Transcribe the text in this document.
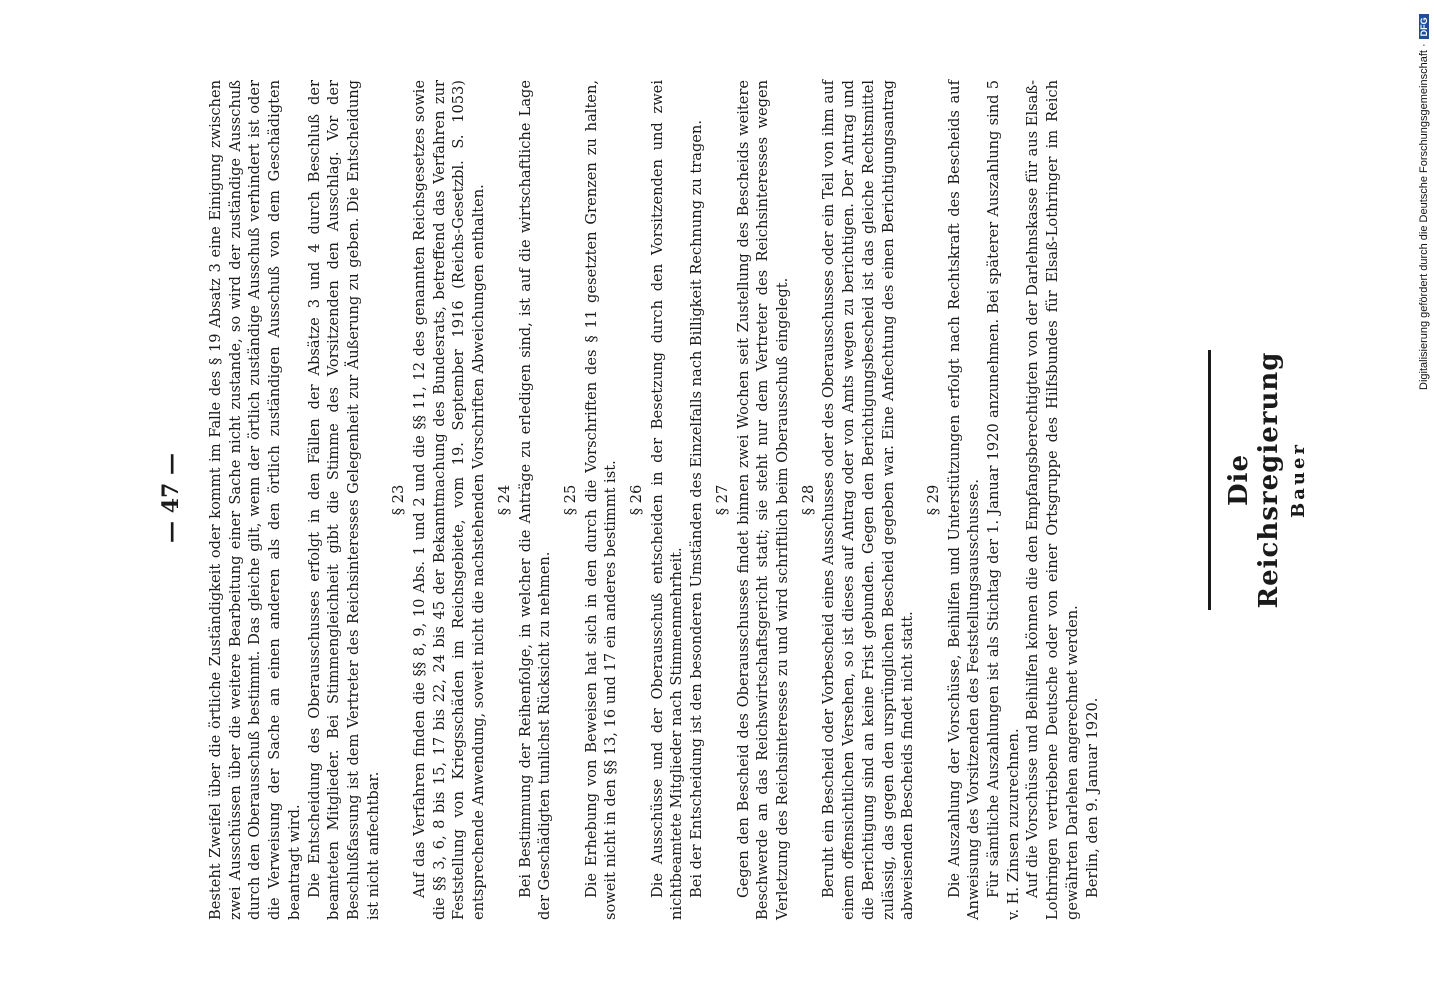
— 47 —	Besteht Zweifel über die örtliche Zuständigkeit oder kommt im Falle des § 19 Absatz 3 eine Einigung zwischen zwei Ausschüssen über die weitere Bearbeitung einer Sache nicht zustande, so wird der zuständige Ausschuß durch den Oberausschuß bestimmt. Das gleiche gilt, wenn der örtlich zuständige Ausschuß verhindert ist oder die Verweisung der Sache an einen anderen als den örtlich zuständigen Ausschuß von dem Geschädigten beantragt wird. Die Entscheidung des Oberausschusses erfolgt in den Fällen der Absätze 3 und 4 durch Beschluß der beamteten Mitglieder. Bei Stimmengleichheit gibt die Stimme des Vorsitzenden den Ausschlag. Vor der Beschlußfassung ist dem Vertreter des Reichsinteresses Gelegenheit zur Äußerung zu geben. Die Entscheidung ist nicht anfechtbar.

§ 23 Auf das Verfahren finden die §§ 8, 9, 10 Abs. 1 und 2 und die §§ 11, 12 des genannten Reichsgesetzes sowie die §§ 3, 6, 8 bis 15, 17 bis 22, 24 bis 45 der Bekanntmachung des Bundesrats, betreffend das Verfahren zur Feststellung von Kriegsschäden im Reichsgebiete, vom 19. September 1916 (Reichs-Gesetzbl. S. 1053) entsprechende Anwendung, soweit nicht die nachstehenden Vorschriften Abweichungen enthalten. § 24 Bei Bestimmung der Reihenfolge, in welcher die Anträge zu erledigen sind, ist auf die wirtschaftliche Lage der Geschädigten tunlichst Rücksicht zu nehmen.

§ 25 Die Erhebung von Beweisen hat sich in den durch die Vorschriften des § 11 gesetzten Grenzen zu halten, soweit nicht in den §§ 13, 16 und 17 ein anderes bestimmt ist. § 26 Die Ausschüsse und der Oberausschuß entscheiden in der Besetzung durch den Vorsitzenden und zwei nichtbeamtete Mitglieder nach Stimmenmehrheit. Bei der Entscheidung ist den besonderen Umständen des Einzelfalls nach Billigkeit Rechnung zu tragen. § 27 Gegen den Bescheid des Oberausschusses findet binnen zwei Wochen seit Zustellung des Bescheids weitere Beschwerde an das Reichswirtschaftsgericht statt; sie steht nur dem Vertreter des Reichsinteresses wegen Verletzung des Reichsinteresses zu und wird schriftlich beim Oberausschuß eingelegt. § 28 Beruht ein Bescheid oder Vorbescheid eines Ausschusses oder des Oberausschusses oder ein Teil von ihm auf einem offensichtlichen Versehen, so ist dieses auf Antrag oder von Amts wegen zu berichtigen. Der Antrag und die Berichtigung sind an keine Frist gebunden. Gegen den Berichtigungsbescheid ist das gleiche Rechtsmittel zulässig, das gegen den ursprünglichen Bescheid gegeben war. Eine Anfechtung des einen Berichtigungsantrag abweisenden Bescheids findet nicht statt.

§ 29 Die Auszahlung der Vorschüsse, Beihilfen und Unterstützungen erfolgt nach Rechtskraft des Bescheids auf Anweisung des Vorsitzenden des Feststellungsausschusses. Für sämtliche Auszahlungen ist als Stichtag der 1. Januar 1920 anzunehmen. Bei späterer Auszahlung sind 5 v. H. Zinsen zuzurechnen. Auf die Vorschüsse und Beihilfen können die den Empfangsberechtigten von der Darlehnskasse für aus Elsaß-Lothringen vertriebene Deutsche oder von einer Ortsgruppe des Hilfsbundes für Elsaß-Lothringer im Reich gewährten Darlehen angerechnet werden. Berlin, den 9. Januar 1920.

Die Reichsregierung Bauer
Digitalisierung gefördert durch die Deutsche Forschungsgemeinschaft ·DFG
